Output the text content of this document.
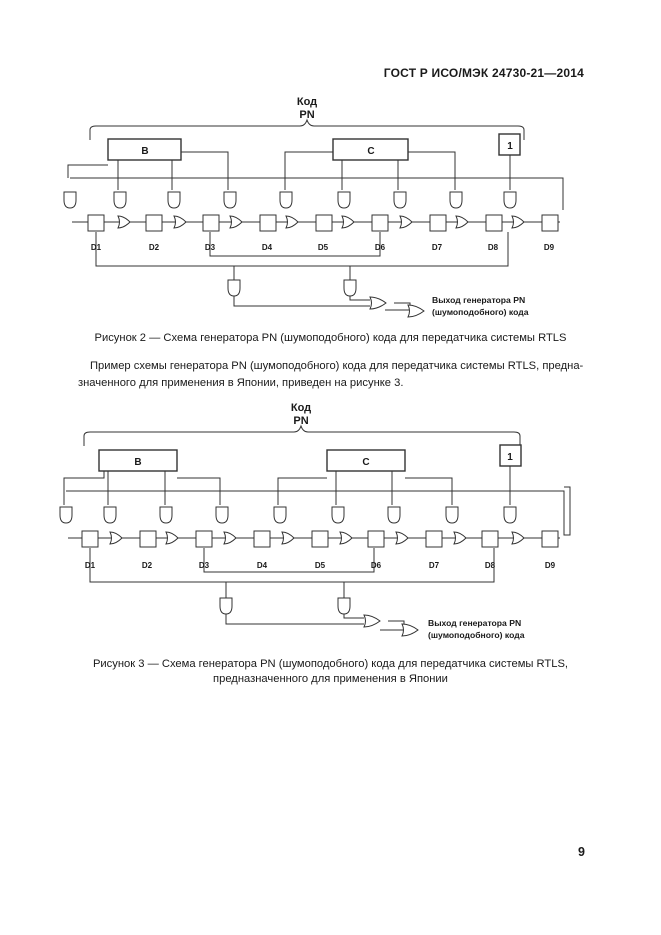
ГОСТ Р ИСО/МЭК 24730-21—2014
Код
PN
B	C	1
D1	D2	D3	D4	D5	D6	D7	D8	D9
Выход генератора PN
(шумоподобного) кода
Рисунок 2 — Схема генератора PN (шумоподобного) кода для передатчика системы RTLS
Пример схемы генератора PN (шумоподобного) кода для передатчика системы RTLS, предна-
значенного для применения в Японии, приведен на рисунке 3.
Код
PN
B	C	1
D1	D2	D3	D4	D5	D6	D7	D8	D9
Выход генератора PN
(шумоподобного) кода
Рисунок 3 — Схема генератора PN (шумоподобного) кода для передатчика системы RTLS,
предназначенного для применения в Японии
9
